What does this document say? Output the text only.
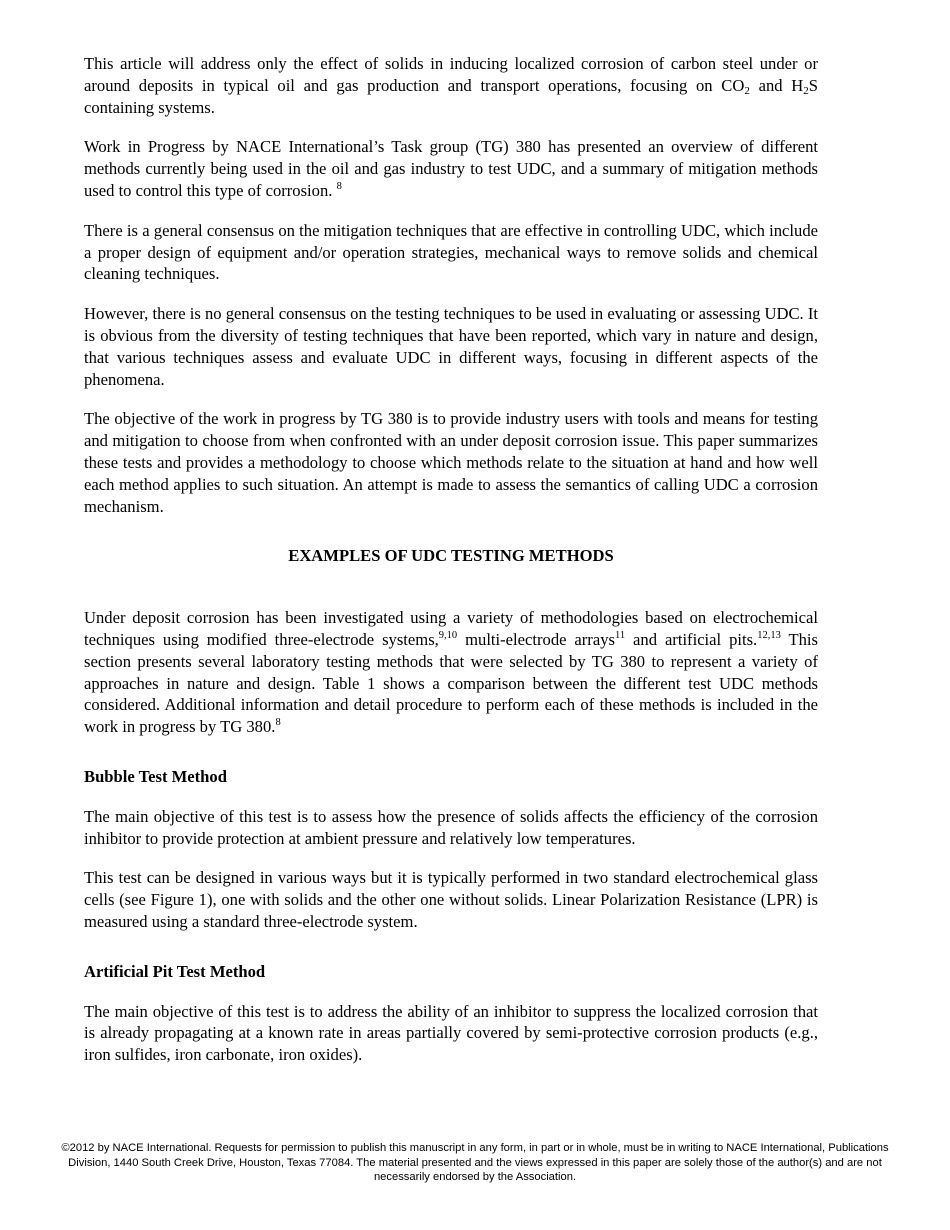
This article will address only the effect of solids in inducing localized corrosion of carbon steel under or around deposits in typical oil and gas production and transport operations, focusing on $CO_2$ and $H_2S$ containing systems.

Work in Progress by NACE International’s Task group (TG) 380 has presented an overview of different methods currently being used in the oil and gas industry to test UDC, and a summary of mitigation methods used to control this type of corrosion. $^8$

There is a general consensus on the mitigation techniques that are effective in controlling UDC, which include a proper design of equipment and/or operation strategies, mechanical ways to remove solids and chemical cleaning techniques.

However, there is no general consensus on the testing techniques to be used in evaluating or assessing UDC. It is obvious from the diversity of testing techniques that have been reported, which vary in nature and design, that various techniques assess and evaluate UDC in different ways, focusing in different aspects of the phenomena.

The objective of the work in progress by TG 380 is to provide industry users with tools and means for testing and mitigation to choose from when confronted with an under deposit corrosion issue. This paper summarizes these tests and provides a methodology to choose which methods relate to the situation at hand and how well each method applies to such situation. An attempt is made to assess the semantics of calling UDC a corrosion mechanism.

EXAMPLES OF UDC TESTING METHODS

Under deposit corrosion has been investigated using a variety of methodologies based on electrochemical techniques using modified three-electrode systems,$^{9,10}$ multi-electrode arrays$^{11}$ and artificial pits.$^{12,13}$ This section presents several laboratory testing methods that were selected by TG 380 to represent a variety of approaches in nature and design. Table 1 shows a comparison between the different test UDC methods considered. Additional information and detail procedure to perform each of these methods is included in the work in progress by TG 380.$^8$

Bubble Test Method

The main objective of this test is to assess how the presence of solids affects the efficiency of the corrosion inhibitor to provide protection at ambient pressure and relatively low temperatures.

This test can be designed in various ways but it is typically performed in two standard electrochemical glass cells (see Figure 1), one with solids and the other one without solids. Linear Polarization Resistance (LPR) is measured using a standard three-electrode system.

Artificial Pit Test Method

The main objective of this test is to address the ability of an inhibitor to suppress the localized corrosion that is already propagating at a known rate in areas partially covered by semi-protective corrosion products (e.g., iron sulfides, iron carbonate, iron oxides).

©2012 by NACE International. Requests for permission to publish this manuscript in any form, in part or in whole, must be in writing to NACE International, Publications Division, 1440 South Creek Drive, Houston, Texas 77084. The material presented and the views expressed in this paper are solely those of the author(s) and are not necessarily endorsed by the Association.
